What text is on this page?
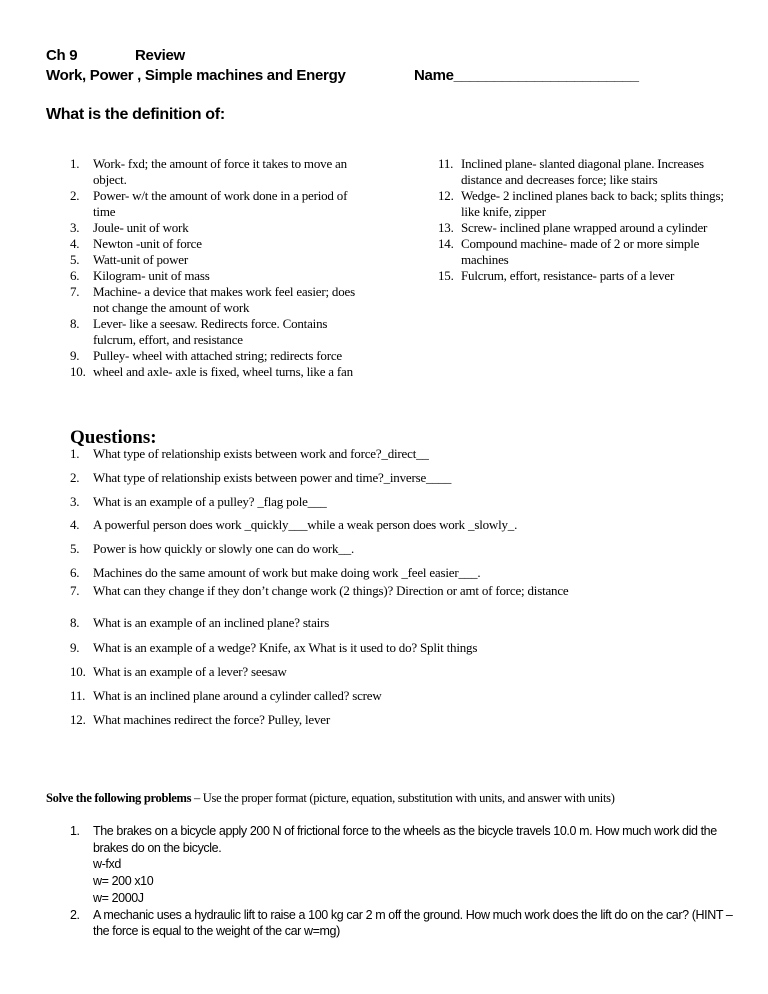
Ch 9	Review
Work, Power , Simple machines and Energy	Name_______________________
What is the definition of:
1. Work- fxd; the amount of force it takes to move an object.
2. Power- w/t the amount of work done in a period of time
3. Joule- unit of work
4. Newton -unit of force
5. Watt-unit of power
6. Kilogram- unit of mass
7. Machine- a device that makes work feel easier; does not change the amount of work
8. Lever- like a seesaw. Redirects force. Contains fulcrum, effort, and resistance
9. Pulley- wheel with attached string; redirects force
10. wheel and axle- axle is fixed, wheel turns, like a fan
11. Inclined plane- slanted diagonal plane. Increases distance and decreases force; like stairs
12. Wedge- 2 inclined planes back to back; splits things; like knife, zipper
13. Screw- inclined plane wrapped around a cylinder
14. Compound machine- made of 2 or more simple machines
15. Fulcrum, effort, resistance- parts of a lever
Questions:
1. What type of relationship exists between work and force?_direct__
2. What type of relationship exists between power and time?_inverse____
3. What is an example of a pulley? _flag pole___
4. A powerful person does work _quickly___while a weak person does work _slowly_.
5. Power is how quickly or slowly one can do work__.
6. Machines do the same amount of work but make doing work _feel easier___.
7. What can they change if they don’t change work (2 things)? Direction or amt of force; distance
8. What is an example of an inclined plane? stairs
9. What is an example of a wedge? Knife, ax What is it used to do? Split things
10. What is an example of a lever? seesaw
11. What is an inclined plane around a cylinder called? screw
12. What machines redirect the force? Pulley, lever
Solve the following problems – Use the proper format (picture, equation, substitution with units, and answer with units)
1. The brakes on a bicycle apply 200 N of frictional force to the wheels as the bicycle travels 10.0 m. How much work did the brakes do on the bicycle.
w-fxd
w= 200 x10
w= 2000J
2. A mechanic uses a hydraulic lift to raise a 100 kg car 2 m off the ground. How much work does the lift do on the car? (HINT – the force is equal to the weight of the car w=mg)
